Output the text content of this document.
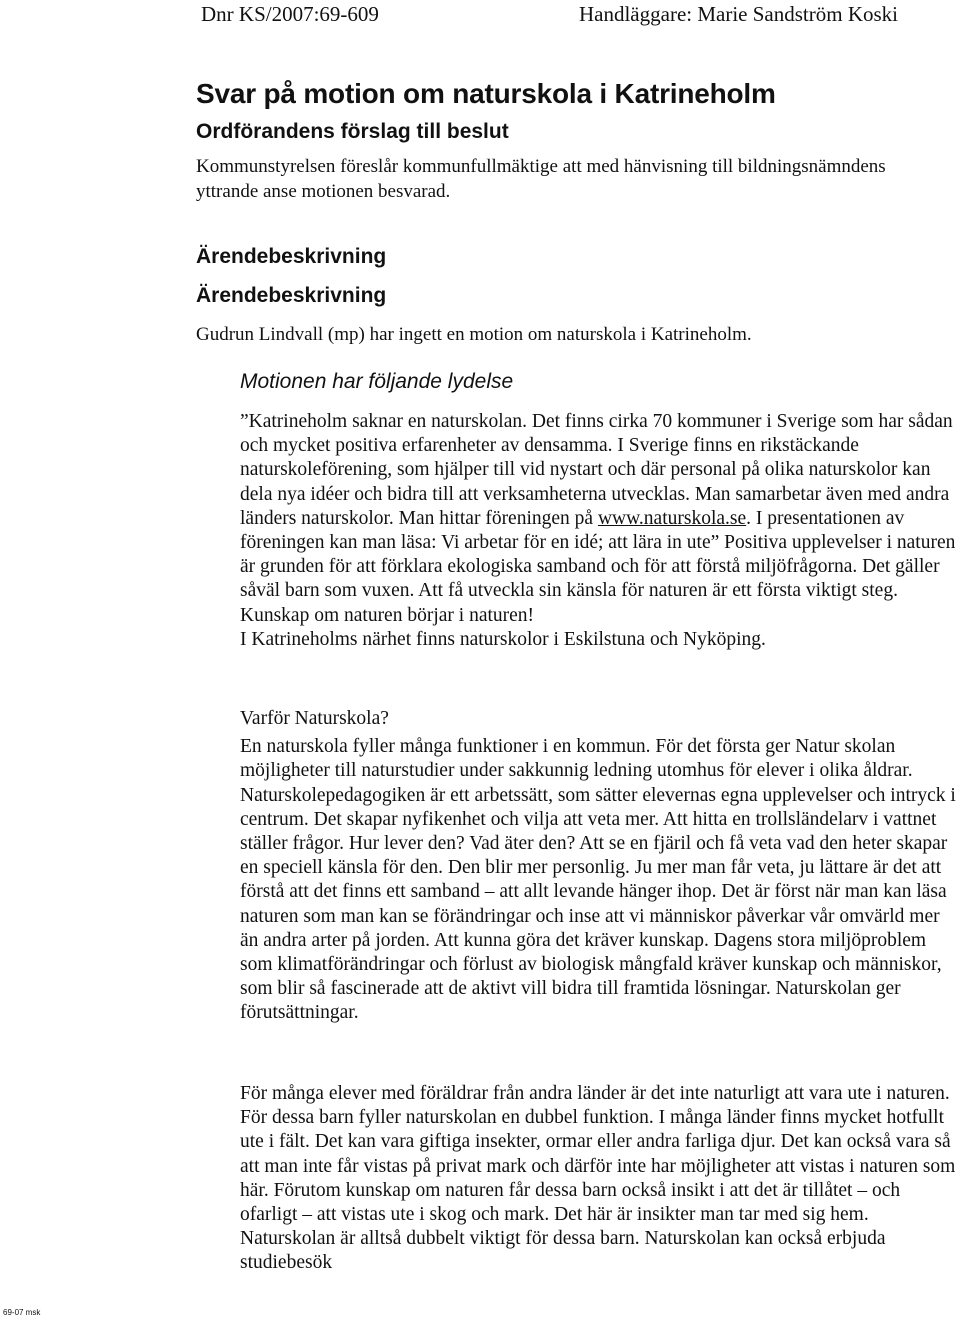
Dnr KS/2007:69-609	Handläggare: Marie Sandström Koski
Svar på motion om naturskola i Katrineholm
Ordförandens förslag till beslut
Kommunstyrelsen föreslår kommunfullmäktige att med hänvisning till bildningsnämndens yttrande anse motionen besvarad.
Ärendebeskrivning
Ärendebeskrivning
Gudrun Lindvall (mp) har ingett en motion om naturskola i Katrineholm.
Motionen har följande lydelse
”Katrineholm saknar en naturskolan. Det finns cirka 70 kommuner i Sverige som har sådan och mycket positiva erfarenheter av densamma. I Sverige finns en rikstäckande naturskoleförening, som hjälper till vid nystart och där personal på olika naturskolor kan dela nya idéer och bidra till att verksamheterna utvecklas. Man samarbetar även med andra länders naturskolor. Man hittar föreningen på www.naturskola.se. I presentationen av föreningen kan man läsa: Vi arbetar för en idé; att lära in ute” Positiva upplevelser i naturen är grunden för att förklara ekologiska samband och för att förstå miljöfrågorna. Det gäller såväl barn som vuxen. Att få utveckla sin känsla för naturen är ett första viktigt steg. Kunskap om naturen börjar i naturen!
I Katrineholms närhet finns naturskolor i Eskilstuna och Nyköping.
Varför Naturskola?
En naturskola fyller många funktioner i en kommun. För det första ger Natur skolan möjligheter till naturstudier under sakkunnig ledning utomhus för elever i olika åldrar. Naturskolepedagogiken är ett arbetssätt, som sätter elevernas egna upplevelser och intryck i centrum. Det skapar nyfikenhet och vilja att veta mer. Att hitta en trollsländelarv i vattnet ställer frågor. Hur lever den? Vad äter den? Att se en fjäril och få veta vad den heter skapar en speciell känsla för den. Den blir mer personlig. Ju mer man får veta, ju lättare är det att förstå att det finns ett samband – att allt levande hänger ihop. Det är först när man kan läsa naturen som man kan se förändringar och inse att vi människor påverkar vår omvärld mer än andra arter på jorden. Att kunna göra det kräver kunskap. Dagens stora miljöproblem som klimatförändringar och förlust av biologisk mångfald kräver kunskap och människor, som blir så fascinerade att de aktivt vill bidra till framtida lösningar. Naturskolan ger förutsättningar.
För många elever med föräldrar från andra länder är det inte naturligt att vara ute i naturen. För dessa barn fyller naturskolan en dubbel funktion. I många länder finns mycket hotfullt ute i fält. Det kan vara giftiga insekter, ormar eller andra farliga djur. Det kan också vara så att man inte får vistas på privat mark och därför inte har möjligheter att vistas i naturen som här. Förutom kunskap om naturen får dessa barn också insikt i att det är tillåtet – och ofarligt – att vistas ute i skog och mark. Det här är insikter man tar med sig hem. Naturskolan är alltså dubbelt viktigt för dessa barn. Naturskolan kan också erbjuda studiebesök
69-07 msk
